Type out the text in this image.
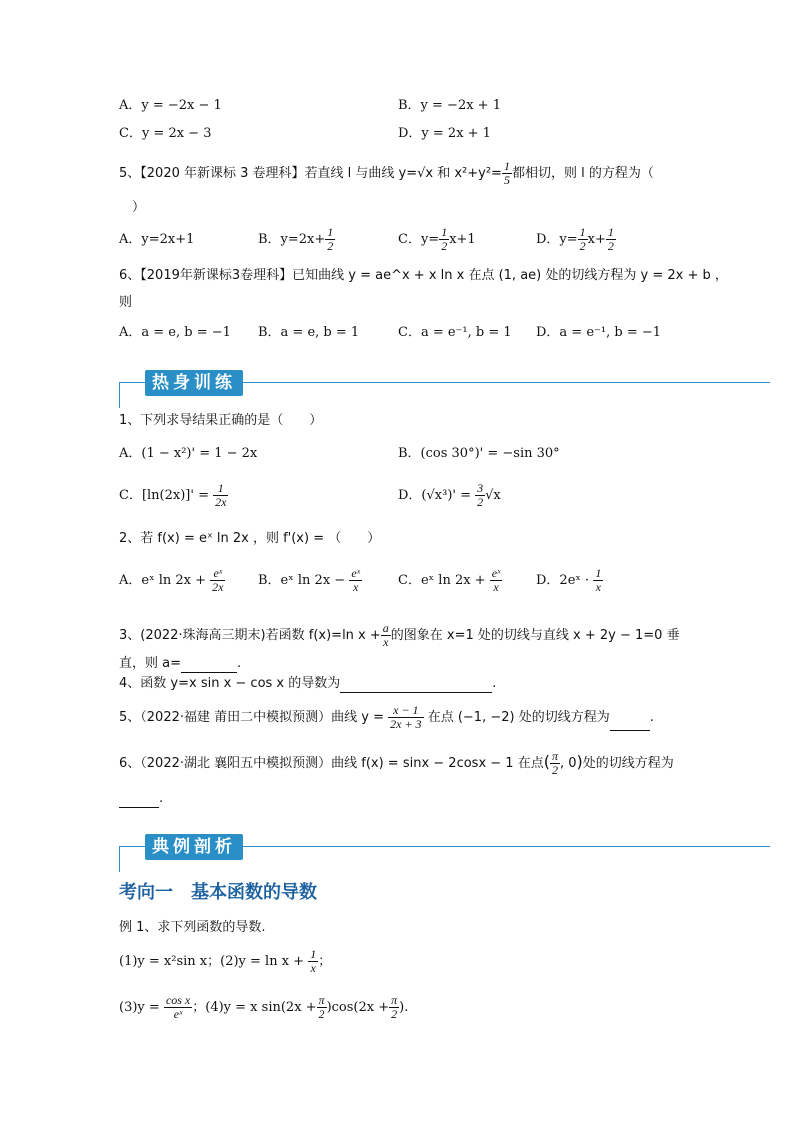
A．y = −2x − 1	B．y = −2x + 1
C．y = 2x − 3	D．y = 2x + 1
5、【2020 年新课标 3 卷理科】若直线 l 与曲线 y=√x 和 $x^2+y^2= \frac{1}{5}$ 都相切，则 l 的方程为（
）
A．y=2x+1	B．$y=2x+ \frac{1}{2}$	C．$y= \frac{1}{2} x+1$	D．$y= \frac{1}{2} x+ \frac{1}{2}$
6、【2019年新课标3卷理科】已知曲线 y = ae^x + x ln x 在点 (1, ae) 处的切线方程为 y = 2x + b ，
则
A．a = e, b = −1 B．a = e, b = 1	C．a = e⁻¹, b = 1 D．a = e⁻¹, b = −1
热身训练
1、下列求导结果正确的是（　　）
A．(1 − x²)' = 1 − 2x	B．(cos 30°)' = −sin 30°
C．$[\ln(2x)]' = \frac{1}{2x}$	D．$(√x^3)' = \frac{3}{2} √x$
2、若 f(x) = eˣ ln 2x ，则 f'(x) = （　　）
A．eˣ $\ln 2x + \frac{\text{eˣ}}{2x}$	B．eˣ $\ln 2x - \frac{\text{eˣ}}{x}$	C．eˣ $\ln 2x + \frac{\text{eˣ}}{x}$	D．2eˣ · $\frac{1}{x}$
3、(2022·珠海高三期末)若函数 f(x)=ln $x + \frac{a}{x}$ 的图象在 x=1 处的切线与直线 x + 2y − 1=0 垂
直，则 a=	.
4、函数 y=x sin x − cos x 的导数为	.
5、（2022·福建 莆田二中模拟预测）曲线 $y = \frac{x - 1}{2x + 3}$ 在点 (−1, −2) 处的切线方程为	.
6、（2022·湖北 襄阳五中模拟预测）曲线 f(x) = sinx − 2cosx − 1 在点( $\frac{\pi}{2}$ , 0)处的切线方程为
.
典例剖析
考向一　基本函数的导数
例 1、求下列函数的导数.
(1)y = x²sin x；$(2)y = \ln x + \frac{1}{x}$ ；
$(3)y = \frac{\text{cos x}}{\text{eˣ}}$ ；(4)y = x $\sin(2x + \frac{\pi}{2} )\cos(2x + \frac{\pi}{2}$ ).
